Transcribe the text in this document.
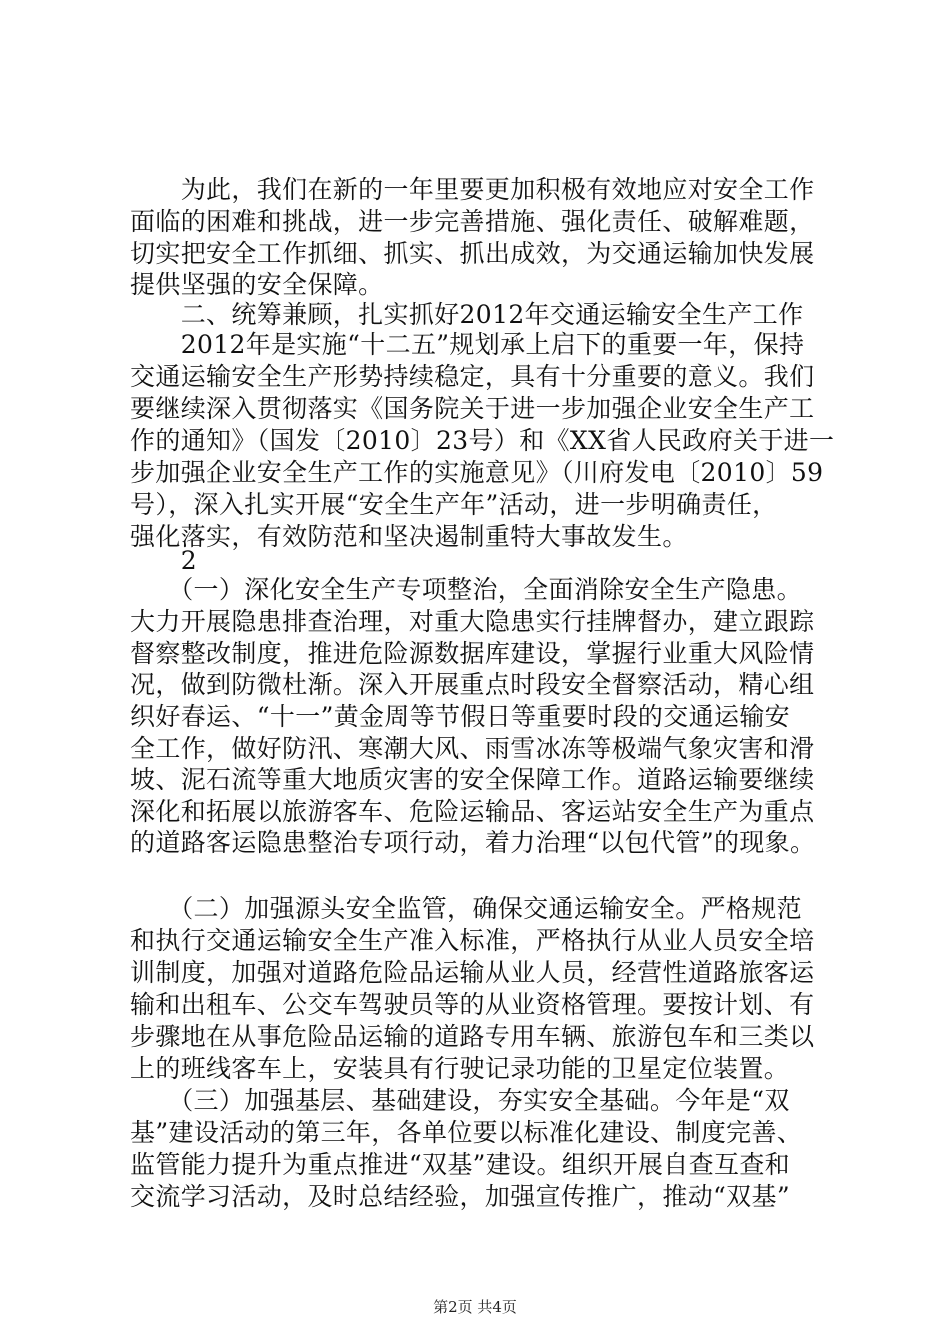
　　为此，我们在新的一年里要更加积极有效地应对安全工作
面临的困难和挑战，进一步完善措施、强化责任、破解难题，
切实把安全工作抓细、抓实、抓出成效，为交通运输加快发展
提供坚强的安全保障。
　　二、统筹兼顾，扎实抓好2012年交通运输安全生产工作
　　2012年是实施“十二五”规划承上启下的重要一年，保持
交通运输安全生产形势持续稳定，具有十分重要的意义。我们
要继续深入贯彻落实《国务院关于进一步加强企业安全生产工
作的通知》（国发〔2010〕23号）和《XX省人民政府关于进一
步加强企业安全生产工作的实施意见》（川府发电〔2010〕59
号），深入扎实开展“安全生产年”活动，进一步明确责任，
强化落实，有效防范和坚决遏制重特大事故发生。
　　2
　　（一）深化安全生产专项整治，全面消除安全生产隐患。
大力开展隐患排查治理，对重大隐患实行挂牌督办，建立跟踪
督察整改制度，推进危险源数据库建设，掌握行业重大风险情
况，做到防微杜渐。深入开展重点时段安全督察活动，精心组
织好春运、“十一”黄金周等节假日等重要时段的交通运输安
全工作，做好防汛、寒潮大风、雨雪冰冻等极端气象灾害和滑
坡、泥石流等重大地质灾害的安全保障工作。道路运输要继续
深化和拓展以旅游客车、危险运输品、客运站安全生产为重点
的道路客运隐患整治专项行动，着力治理“以包代管”的现象。
　　（二）加强源头安全监管，确保交通运输安全。严格规范
和执行交通运输安全生产准入标准，严格执行从业人员安全培
训制度，加强对道路危险品运输从业人员，经营性道路旅客运
输和出租车、公交车驾驶员等的从业资格管理。要按计划、有
步骤地在从事危险品运输的道路专用车辆、旅游包车和三类以
上的班线客车上，安装具有行驶记录功能的卫星定位装置。
　　（三）加强基层、基础建设，夯实安全基础。今年是“双
基”建设活动的第三年，各单位要以标准化建设、制度完善、
监管能力提升为重点推进“双基”建设。组织开展自查互查和
交流学习活动，及时总结经验，加强宣传推广，推动“双基”
第2页 共4页
